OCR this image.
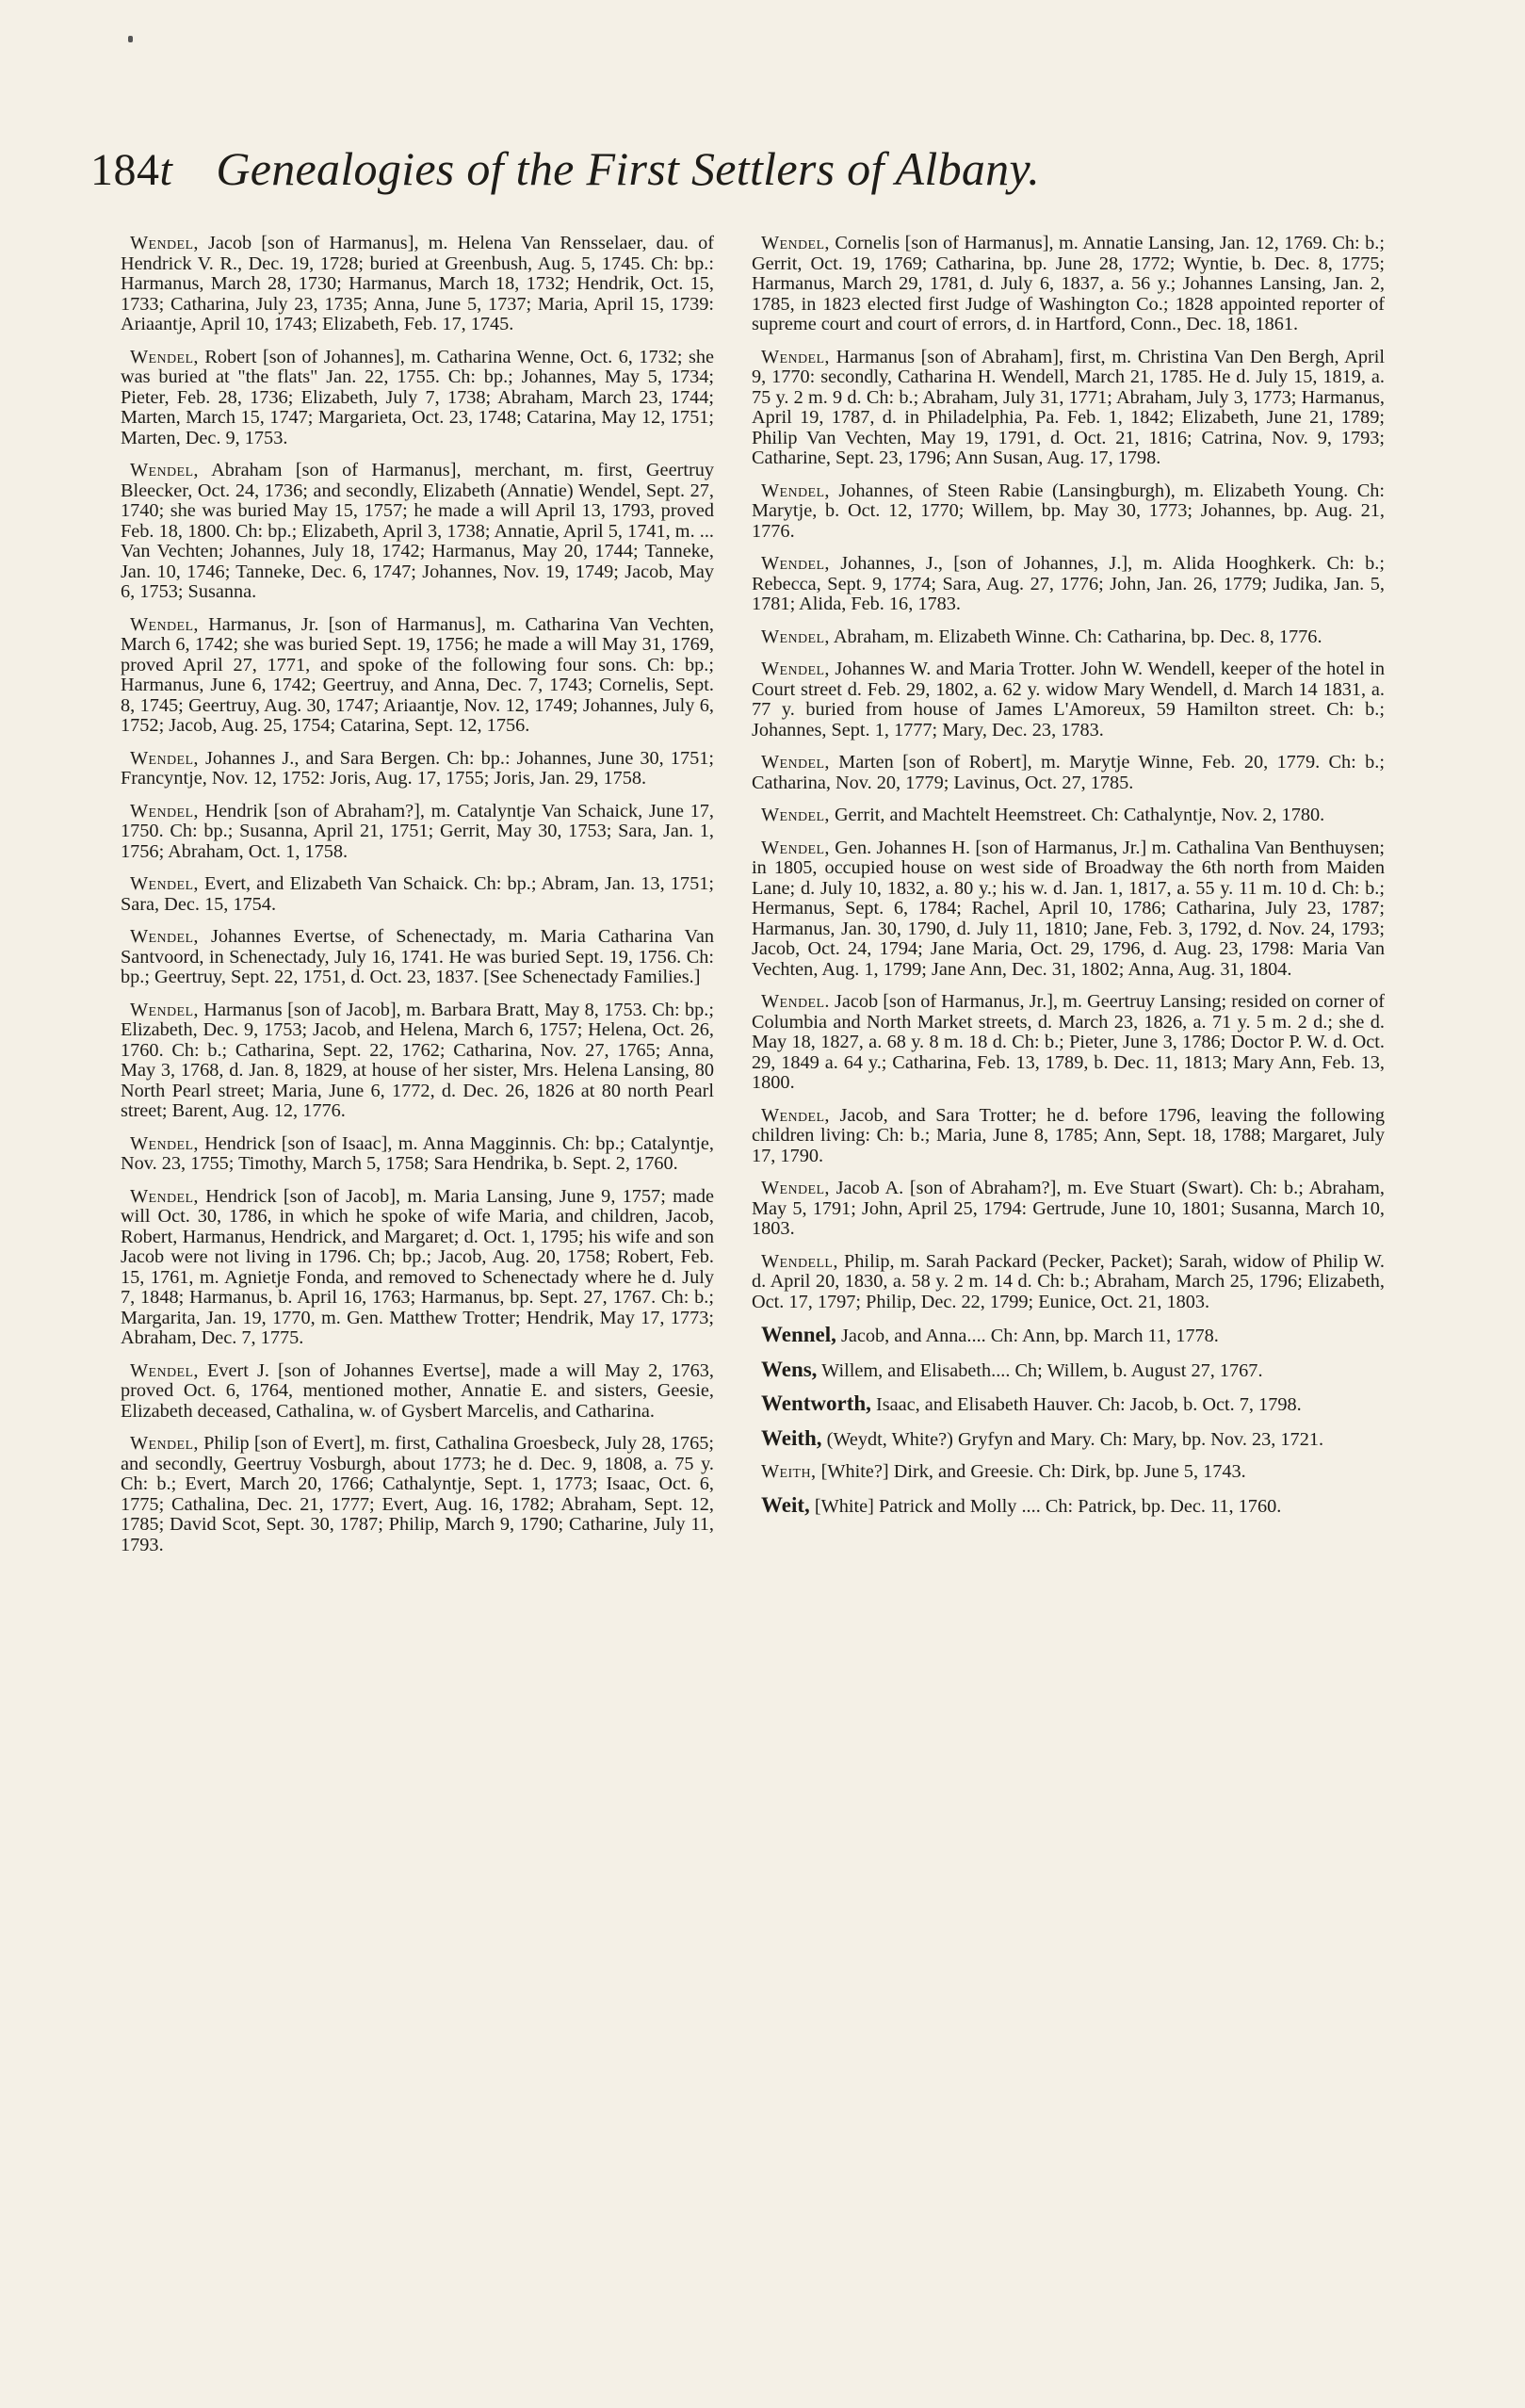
184t Genealogies of the First Settlers of Albany.

Wendel, Jacob [son of Harmanus], m. Helena Van Rensselaer, dau. of Hendrick V. R., Dec. 19, 1728; buried at Greenbush, Aug. 5, 1745. Ch: bp.: Harmanus, March 28, 1730; Harmanus, March 18, 1732; Hendrik, Oct. 15, 1733; Catharina, July 23, 1735; Anna, June 5, 1737; Maria, April 15, 1739: Ariaantje, April 10, 1743; Elizabeth, Feb. 17, 1745.

Wendel, Robert [son of Johannes], m. Catharina Wenne, Oct. 6, 1732; she was buried at "the flats" Jan. 22, 1755. Ch: bp.; Johannes, May 5, 1734; Pieter, Feb. 28, 1736; Elizabeth, July 7, 1738; Abraham, March 23, 1744; Marten, March 15, 1747; Margarieta, Oct. 23, 1748; Catarina, May 12, 1751; Marten, Dec. 9, 1753.

Wendel, Abraham [son of Harmanus], merchant, m. first, Geertruy Bleecker, Oct. 24, 1736; and secondly, Elizabeth (Annatie) Wendel, Sept. 27, 1740; she was buried May 15, 1757; he made a will April 13, 1793, proved Feb. 18, 1800. Ch: bp.; Elizabeth, April 3, 1738; Annatie, April 5, 1741, m. ... Van Vechten; Johannes, July 18, 1742; Harmanus, May 20, 1744; Tanneke, Jan. 10, 1746; Tanneke, Dec. 6, 1747; Johannes, Nov. 19, 1749; Jacob, May 6, 1753; Susanna.

Wendel, Harmanus, Jr. [son of Harmanus], m. Catharina Van Vechten, March 6, 1742; she was buried Sept. 19, 1756; he made a will May 31, 1769, proved April 27, 1771, and spoke of the following four sons. Ch: bp.; Harmanus, June 6, 1742; Geertruy, and Anna, Dec. 7, 1743; Cornelis, Sept. 8, 1745; Geertruy, Aug. 30, 1747; Ariaantje, Nov. 12, 1749; Johannes, July 6, 1752; Jacob, Aug. 25, 1754; Catarina, Sept. 12, 1756.

Wendel, Johannes J., and Sara Bergen. Ch: bp.: Johannes, June 30, 1751; Francyntje, Nov. 12, 1752: Joris, Aug. 17, 1755; Joris, Jan. 29, 1758.

Wendel, Hendrik [son of Abraham?], m. Catalyntje Van Schaick, June 17, 1750. Ch: bp.; Susanna, April 21, 1751; Gerrit, May 30, 1753; Sara, Jan. 1, 1756; Abraham, Oct. 1, 1758.

Wendel, Evert, and Elizabeth Van Schaick. Ch: bp.; Abram, Jan. 13, 1751; Sara, Dec. 15, 1754.

Wendel, Johannes Evertse, of Schenectady, m. Maria Catharina Van Santvoord, in Schenectady, July 16, 1741. He was buried Sept. 19, 1756. Ch: bp.; Geertruy, Sept. 22, 1751, d. Oct. 23, 1837. [See Schenectady Families.]

Wendel, Harmanus [son of Jacob], m. Barbara Bratt, May 8, 1753. Ch: bp.; Elizabeth, Dec. 9, 1753; Jacob, and Helena, March 6, 1757; Helena, Oct. 26, 1760. Ch: b.; Catharina, Sept. 22, 1762; Catharina, Nov. 27, 1765; Anna, May 3, 1768, d. Jan. 8, 1829, at house of her sister, Mrs. Helena Lansing, 80 North Pearl street; Maria, June 6, 1772, d. Dec. 26, 1826 at 80 north Pearl street; Barent, Aug. 12, 1776.

Wendel, Hendrick [son of Isaac], m. Anna Magginnis. Ch: bp.; Catalyntje, Nov. 23, 1755; Timothy, March 5, 1758; Sara Hendrika, b. Sept. 2, 1760.

Wendel, Hendrick [son of Jacob], m. Maria Lansing, June 9, 1757; made will Oct. 30, 1786, in which he spoke of wife Maria, and children, Jacob, Robert, Harmanus, Hendrick, and Margaret; d. Oct. 1, 1795; his wife and son Jacob were not living in 1796. Ch; bp.; Jacob, Aug. 20, 1758; Robert, Feb. 15, 1761, m. Agnietje Fonda, and removed to Schenectady where he d. July 7, 1848; Harmanus, b. April 16, 1763; Harmanus, bp. Sept. 27, 1767. Ch: b.; Margarita, Jan. 19, 1770, m. Gen. Matthew Trotter; Hendrik, May 17, 1773; Abraham, Dec. 7, 1775.

Wendel, Evert J. [son of Johannes Evertse], made a will May 2, 1763, proved Oct. 6, 1764, mentioned mother, Annatie E. and sisters, Geesie, Elizabeth deceased, Cathalina, w. of Gysbert Marcelis, and Catharina.

Wendel, Philip [son of Evert], m. first, Cathalina Groesbeck, July 28, 1765; and secondly, Geertruy Vosburgh, about 1773; he d. Dec. 9, 1808, a. 75 y. Ch: b.; Evert, March 20, 1766; Cathalyntje, Sept. 1, 1773; Isaac, Oct. 6, 1775; Cathalina, Dec. 21, 1777; Evert, Aug. 16, 1782; Abraham, Sept. 12, 1785; David Scot, Sept. 30, 1787; Philip, March 9, 1790; Catharine, July 11, 1793.

Wendel, Cornelis [son of Harmanus], m. Annatie Lansing, Jan. 12, 1769. Ch: b.; Gerrit, Oct. 19, 1769; Catharina, bp. June 28, 1772; Wyntie, b. Dec. 8, 1775; Harmanus, March 29, 1781, d. July 6, 1837, a. 56 y.; Johannes Lansing, Jan. 2, 1785, in 1823 elected first Judge of Washington Co.; 1828 appointed reporter of supreme court and court of errors, d. in Hartford, Conn., Dec. 18, 1861.

Wendel, Harmanus [son of Abraham], first, m. Christina Van Den Bergh, April 9, 1770: secondly, Catharina H. Wendell, March 21, 1785. He d. July 15, 1819, a. 75 y. 2 m. 9 d. Ch: b.; Abraham, July 31, 1771; Abraham, July 3, 1773; Harmanus, April 19, 1787, d. in Philadelphia, Pa. Feb. 1, 1842; Elizabeth, June 21, 1789; Philip Van Vechten, May 19, 1791, d. Oct. 21, 1816; Catrina, Nov. 9, 1793; Catharine, Sept. 23, 1796; Ann Susan, Aug. 17, 1798.

Wendel, Johannes, of Steen Rabie (Lansingburgh), m. Elizabeth Young. Ch: Marytje, b. Oct. 12, 1770; Willem, bp. May 30, 1773; Johannes, bp. Aug. 21, 1776.

Wendel, Johannes, J., [son of Johannes, J.], m. Alida Hooghkerk. Ch: b.; Rebecca, Sept. 9, 1774; Sara, Aug. 27, 1776; John, Jan. 26, 1779; Judika, Jan. 5, 1781; Alida, Feb. 16, 1783.

Wendel, Abraham, m. Elizabeth Winne. Ch: Catharina, bp. Dec. 8, 1776.

Wendel, Johannes W. and Maria Trotter. John W. Wendell, keeper of the hotel in Court street d. Feb. 29, 1802, a. 62 y. widow Mary Wendell, d. March 14 1831, a. 77 y. buried from house of James L'Amoreux, 59 Hamilton street. Ch: b.; Johannes, Sept. 1, 1777; Mary, Dec. 23, 1783.

Wendel, Marten [son of Robert], m. Marytje Winne, Feb. 20, 1779. Ch: b.; Catharina, Nov. 20, 1779; Lavinus, Oct. 27, 1785.

Wendel, Gerrit, and Machtelt Heemstreet. Ch: Cathalyntje, Nov. 2, 1780.

Wendel, Gen. Johannes H. [son of Harmanus, Jr.] m. Cathalina Van Benthuysen; in 1805, occupied house on west side of Broadway the 6th north from Maiden Lane; d. July 10, 1832, a. 80 y.; his w. d. Jan. 1, 1817, a. 55 y. 11 m. 10 d. Ch: b.; Hermanus, Sept. 6, 1784; Rachel, April 10, 1786; Catharina, July 23, 1787; Harmanus, Jan. 30, 1790, d. July 11, 1810; Jane, Feb. 3, 1792, d. Nov. 24, 1793; Jacob, Oct. 24, 1794; Jane Maria, Oct. 29, 1796, d. Aug. 23, 1798: Maria Van Vechten, Aug. 1, 1799; Jane Ann, Dec. 31, 1802; Anna, Aug. 31, 1804.

Wendel. Jacob [son of Harmanus, Jr.], m. Geertruy Lansing; resided on corner of Columbia and North Market streets, d. March 23, 1826, a. 71 y. 5 m. 2 d.; she d. May 18, 1827, a. 68 y. 8 m. 18 d. Ch: b.; Pieter, June 3, 1786; Doctor P. W. d. Oct. 29, 1849 a. 64 y.; Catharina, Feb. 13, 1789, b. Dec. 11, 1813; Mary Ann, Feb. 13, 1800.

Wendel, Jacob, and Sara Trotter; he d. before 1796, leaving the following children living: Ch: b.; Maria, June 8, 1785; Ann, Sept. 18, 1788; Margaret, July 17, 1790.

Wendel, Jacob A. [son of Abraham?], m. Eve Stuart (Swart). Ch: b.; Abraham, May 5, 1791; John, April 25, 1794: Gertrude, June 10, 1801; Susanna, March 10, 1803.

Wendell, Philip, m. Sarah Packard (Pecker, Packet); Sarah, widow of Philip W. d. April 20, 1830, a. 58 y. 2 m. 14 d. Ch: b.; Abraham, March 25, 1796; Elizabeth, Oct. 17, 1797; Philip, Dec. 22, 1799; Eunice, Oct. 21, 1803.

Wennel, Jacob, and Anna.... Ch: Ann, bp. March 11, 1778.

Wens, Willem, and Elisabeth.... Ch; Willem, b. August 27, 1767.

Wentworth, Isaac, and Elisabeth Hauver. Ch: Jacob, b. Oct. 7, 1798.

Weith, (Weydt, White?) Gryfyn and Mary. Ch: Mary, bp. Nov. 23, 1721.

Weith, [White?] Dirk, and Greesie. Ch: Dirk, bp. June 5, 1743.

Weit, [White] Patrick and Molly .... Ch: Patrick, bp. Dec. 11, 1760.
